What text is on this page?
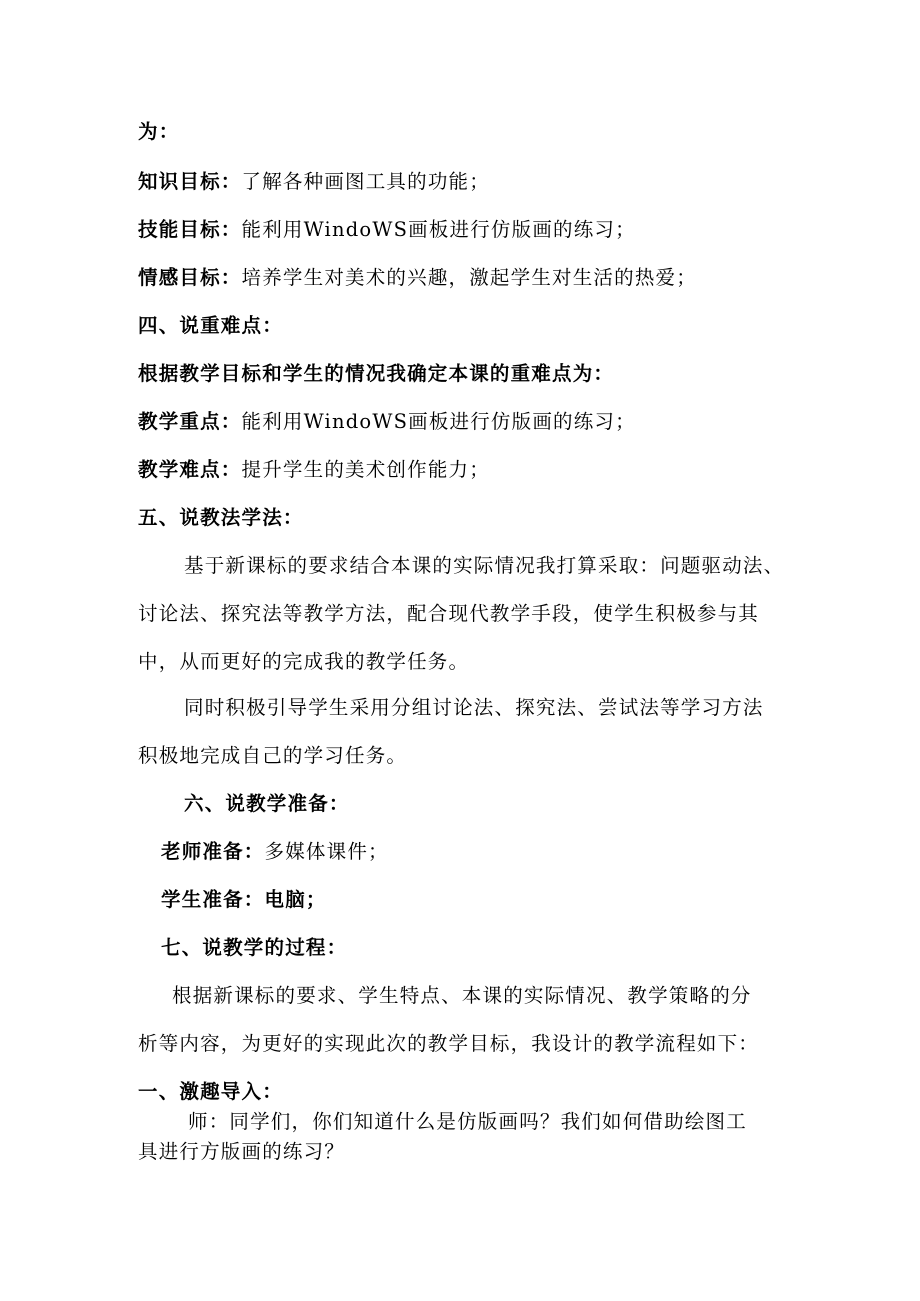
为：
知识目标：了解各种画图工具的功能；
技能目标：能利用WindoWS画板进行仿版画的练习；
情感目标：培养学生对美术的兴趣，激起学生对生活的热爱；
四、说重难点：
根据教学目标和学生的情况我确定本课的重难点为：
教学重点：能利用WindoWS画板进行仿版画的练习；
教学难点：提升学生的美术创作能力；
五、说教法学法：
基于新课标的要求结合本课的实际情况我打算采取：问题驱动法、
讨论法、探究法等教学方法，配合现代教学手段，使学生积极参与其
中，从而更好的完成我的教学任务。
同时积极引导学生采用分组讨论法、探究法、尝试法等学习方法
积极地完成自己的学习任务。
六、说教学准备：
老师准备：多媒体课件；
学生准备：电脑；
七、说教学的过程：
根据新课标的要求、学生特点、本课的实际情况、教学策略的分
析等内容，为更好的实现此次的教学目标，我设计的教学流程如下：
一、激趣导入：
师：同学们，你们知道什么是仿版画吗？我们如何借助绘图工
具进行方版画的练习？
